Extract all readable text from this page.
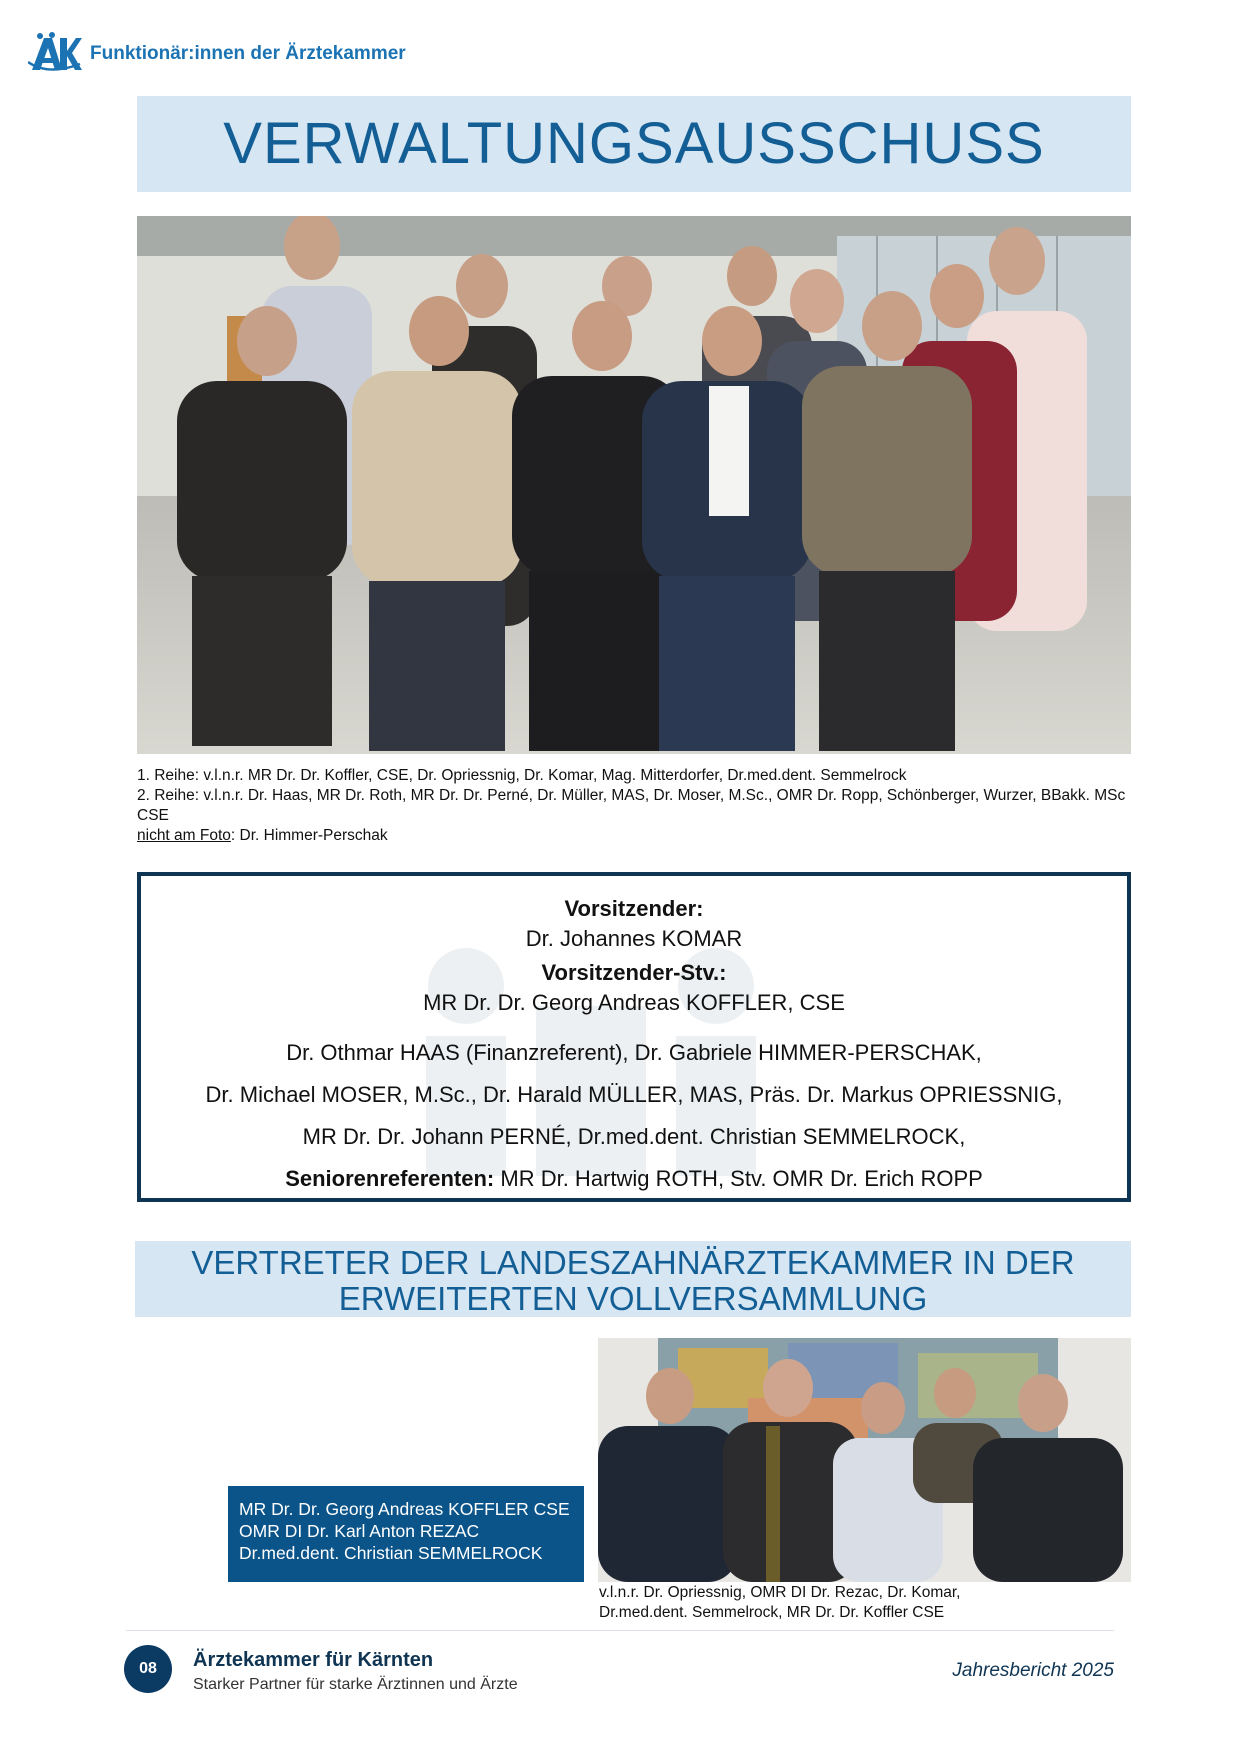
Funktionär:innen der Ärztekammer
VERWALTUNGSAUSSCHUSS
1. Reihe: v.l.n.r. MR Dr. Dr. Koffler, CSE, Dr. Opriessnig, Dr. Komar, Mag. Mitterdorfer, Dr.med.dent. Semmelrock
2. Reihe: v.l.n.r. Dr. Haas, MR Dr. Roth, MR Dr. Dr. Perné, Dr. Müller, MAS, Dr. Moser, M.Sc., OMR Dr. Ropp, Schönberger, Wurzer, BBakk. MSc CSE
nicht am Foto: Dr. Himmer-Perschak
Vorsitzender:
Dr. Johannes KOMAR
Vorsitzender-Stv.:
MR Dr. Dr. Georg Andreas KOFFLER, CSE
Dr. Othmar HAAS (Finanzreferent), Dr. Gabriele HIMMER-PERSCHAK,
Dr. Michael MOSER, M.Sc., Dr. Harald MÜLLER, MAS, Präs. Dr. Markus OPRIESSNIG,
MR Dr. Dr. Johann PERNÉ, Dr.med.dent. Christian SEMMELROCK,
Seniorenreferenten: MR Dr. Hartwig ROTH, Stv. OMR Dr. Erich ROPP
VERTRETER DER LANDESZAHNÄRZTEKAMMER IN DER
ERWEITERTEN VOLLVERSAMMLUNG
MR Dr. Dr. Georg Andreas KOFFLER CSE
OMR DI Dr. Karl Anton REZAC
Dr.med.dent. Christian SEMMELROCK
v.l.n.r. Dr. Opriessnig, OMR DI Dr. Rezac, Dr. Komar,
Dr.med.dent. Semmelrock, MR Dr. Dr. Koffler CSE
08	Ärztekammer für Kärnten
Starker Partner für starke Ärztinnen und Ärzte
Jahresbericht 2025
